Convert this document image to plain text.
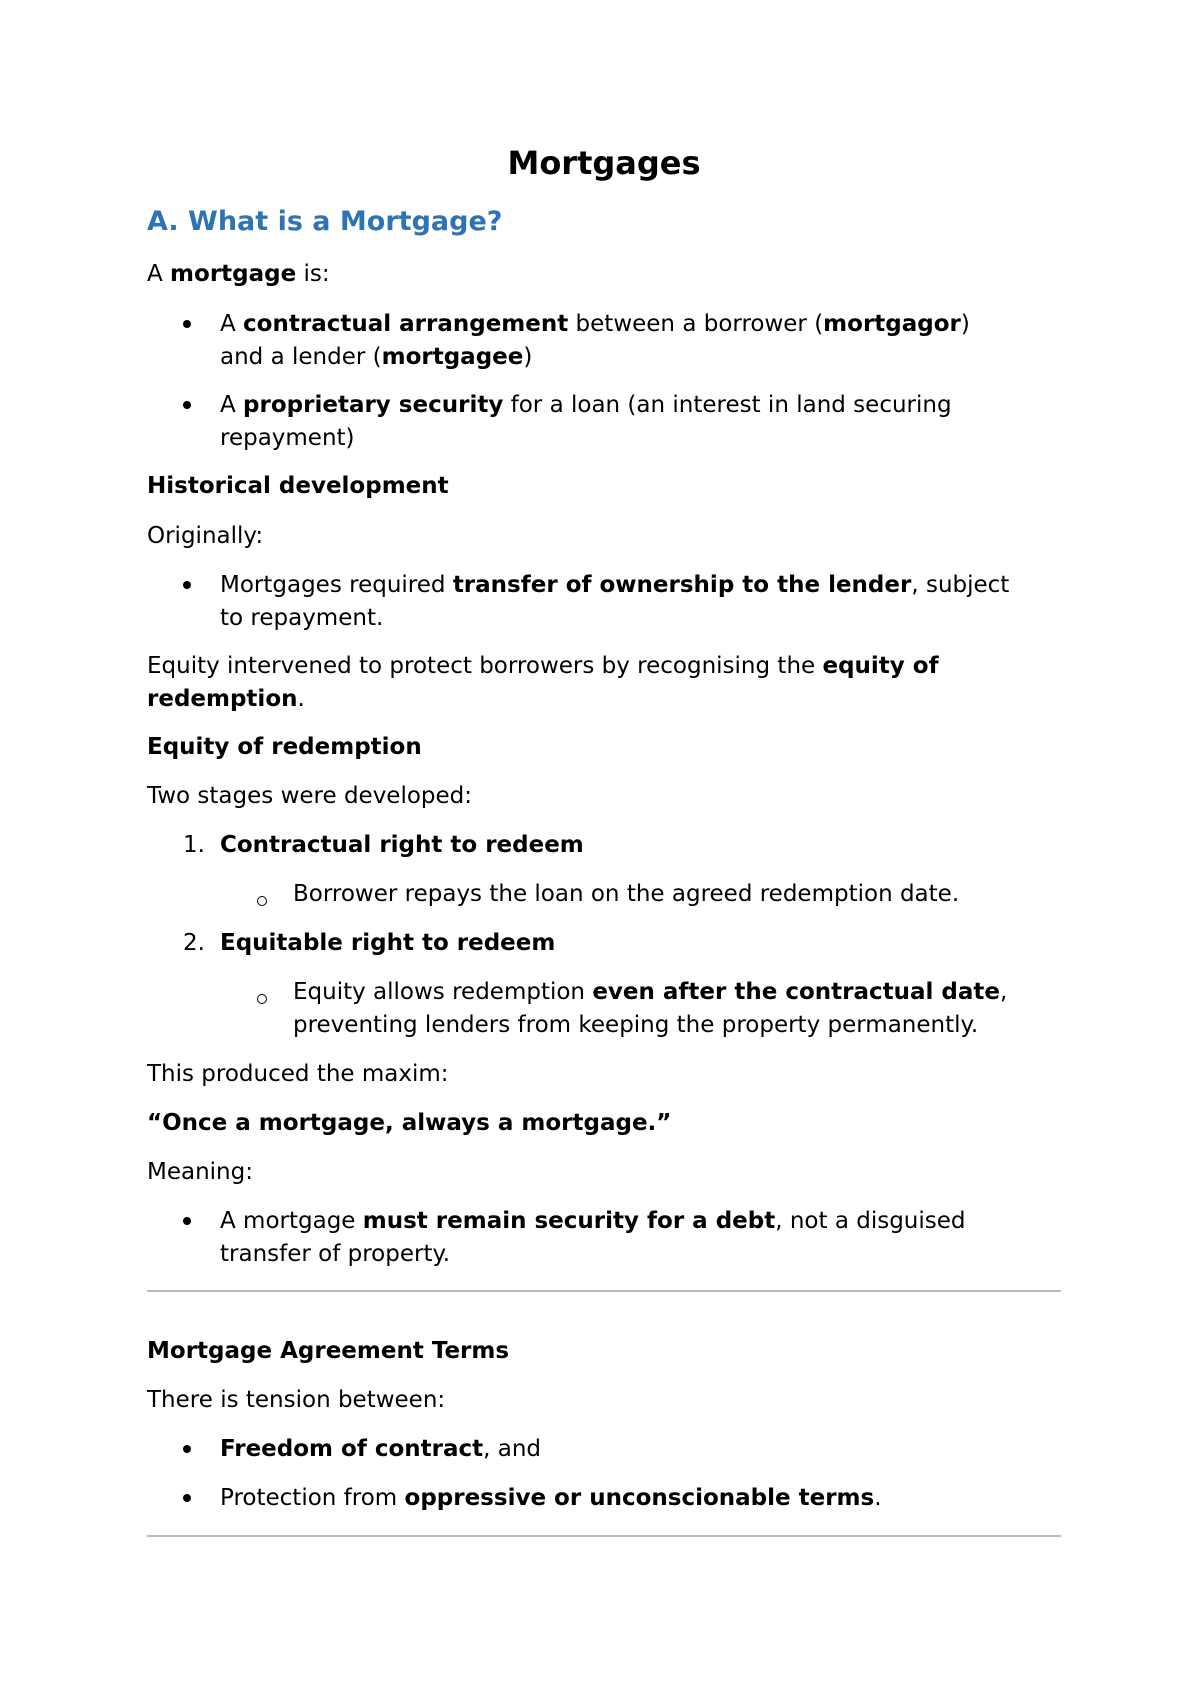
Mortgages
A. What is a Mortgage?
A mortgage is:
A contractual arrangement between a borrower (mortgagor)
and a lender (mortgagee)
A proprietary security for a loan (an interest in land securing
repayment)
Historical development
Originally:
Mortgages required transfer of ownership to the lender, subject
to repayment.
Equity intervened to protect borrowers by recognising the equity of
redemption.
Equity of redemption
Two stages were developed:
1. Contractual right to redeem
Borrower repays the loan on the agreed redemption date.
2. Equitable right to redeem
Equity allows redemption even after the contractual date,
preventing lenders from keeping the property permanently.
This produced the maxim:
“Once a mortgage, always a mortgage.”
Meaning:
A mortgage must remain security for a debt, not a disguised
transfer of property.
Mortgage Agreement Terms
There is tension between:
Freedom of contract, and
Protection from oppressive or unconscionable terms.
